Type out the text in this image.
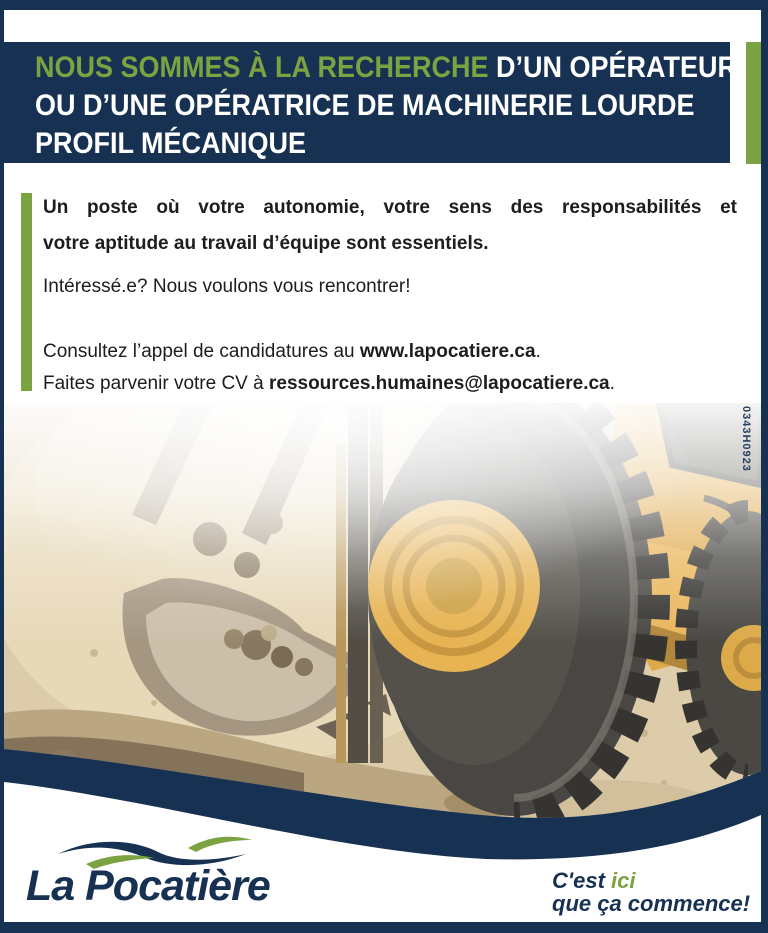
NOUS SOMMES À LA RECHERCHE D’UN OPÉRATEUR
OU D’UNE OPÉRATRICE DE MACHINERIE LOURDE
PROFIL MÉCANIQUE

Un poste où votre autonomie, votre sens des responsabilités et
votre aptitude au travail d’équipe sont essentiels.

Intéressé.e? Nous voulons vous rencontrer!

Consultez l’appel de candidatures au www.lapocatiere.ca.

Faites parvenir votre CV à ressources.humaines@lapocatiere.ca.

0343H0923
La Pocatière	C'est ici
que ça commence!
